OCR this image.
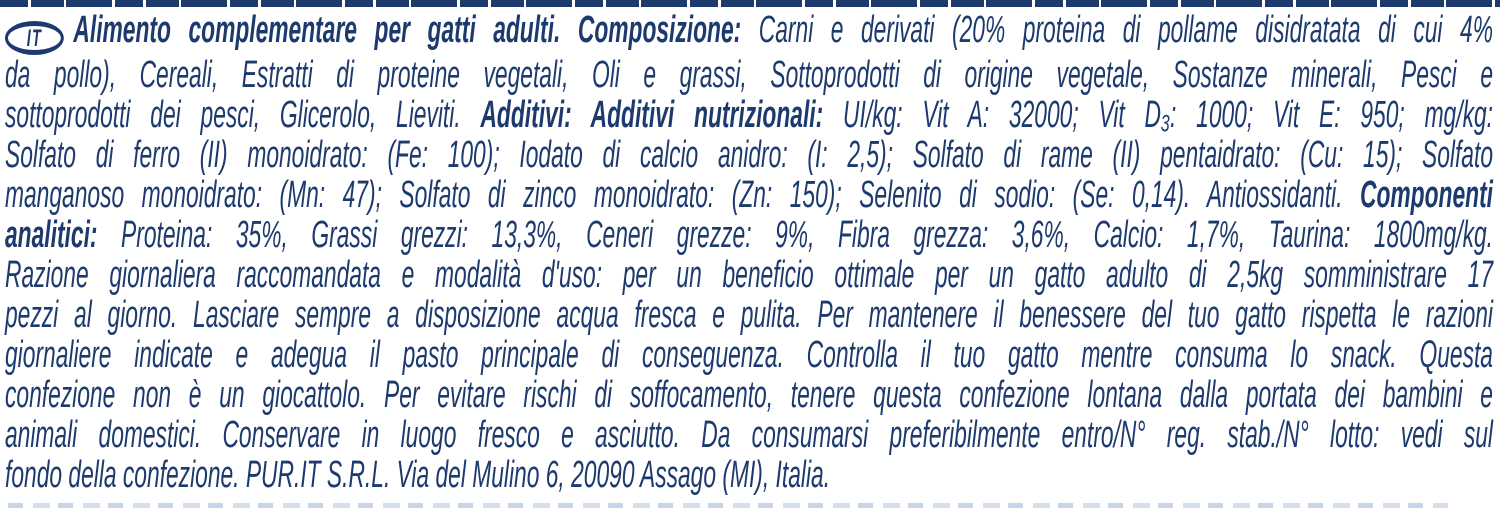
IT Alimento complementare per gatti adulti. Composizione: Carni e derivati (20% proteina di pollame disidratata di cui 4%
da pollo), Cereali, Estratti di proteine vegetali, Oli e grassi, Sottoprodotti di origine vegetale, Sostanze minerali, Pesci e
sottoprodotti dei pesci, Glicerolo, Lieviti. Additivi: Additivi nutrizionali: UI/kg: Vit A: 32000; Vit D₃: 1000; Vit E: 950; mg/kg:
Solfato di ferro (II) monoidrato: (Fe: 100); Iodato di calcio anidro: (I: 2,5); Solfato di rame (II) pentaidrato: (Cu: 15); Solfato
manganoso monoidrato: (Mn: 47); Solfato di zinco monoidrato: (Zn: 150); Selenito di sodio: (Se: 0,14). Antiossidanti. Componenti
analitici: Proteina: 35%, Grassi grezzi: 13,3%, Ceneri grezze: 9%, Fibra grezza: 3,6%, Calcio: 1,7%, Taurina: 1800mg/kg.
Razione giornaliera raccomandata e modalità d'uso: per un beneficio ottimale per un gatto adulto di 2,5kg somministrare 17
pezzi al giorno. Lasciare sempre a disposizione acqua fresca e pulita. Per mantenere il benessere del tuo gatto rispetta le razioni
giornaliere indicate e adegua il pasto principale di conseguenza. Controlla il tuo gatto mentre consuma lo snack. Questa
confezione non è un giocattolo. Per evitare rischi di soffocamento, tenere questa confezione lontana dalla portata dei bambini e
animali domestici. Conservare in luogo fresco e asciutto. Da consumarsi preferibilmente entro/N° reg. stab./N° lotto: vedi sul
fondo della confezione. PUR.IT S.R.L. Via del Mulino 6, 20090 Assago (MI), Italia.
